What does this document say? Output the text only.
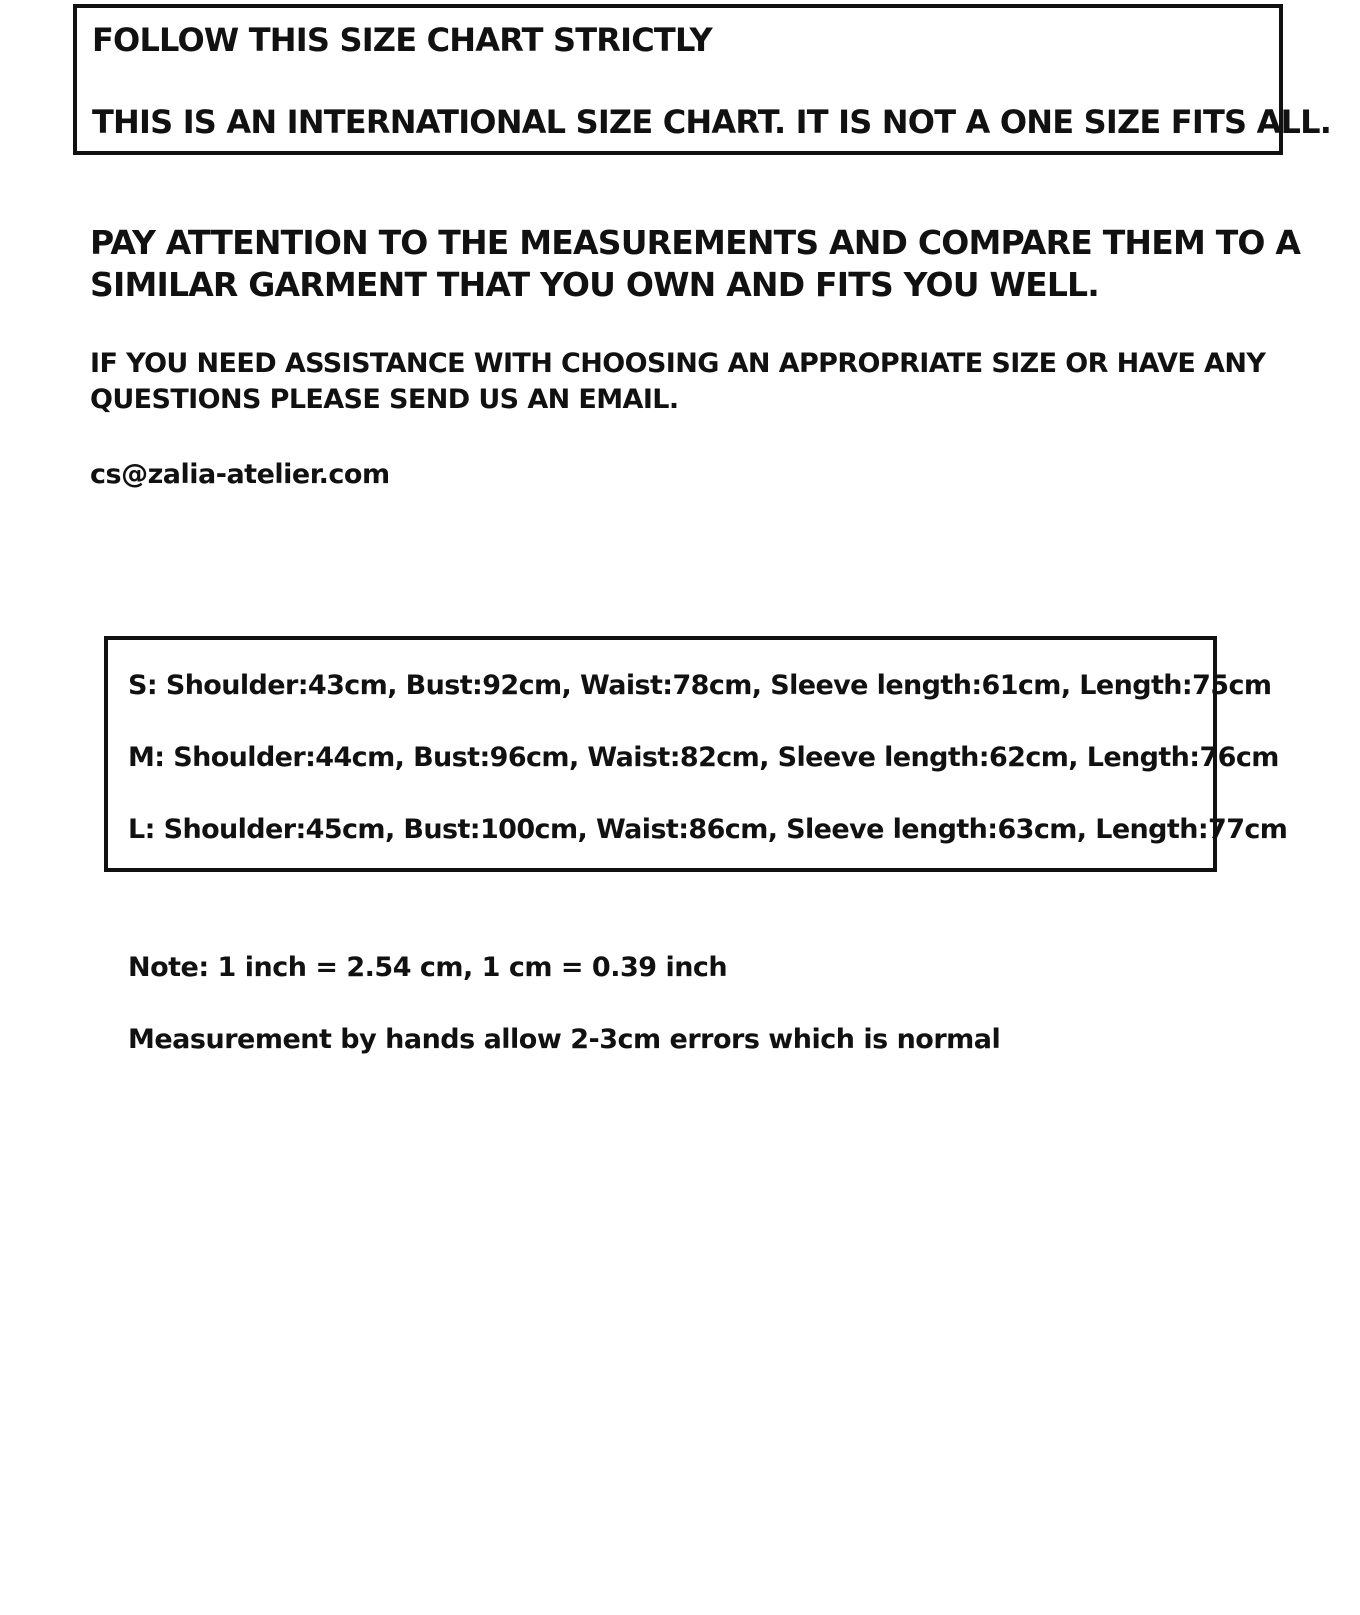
FOLLOW THIS SIZE CHART STRICTLY

THIS IS AN INTERNATIONAL SIZE CHART. IT IS NOT A ONE SIZE FITS ALL.

PAY ATTENTION TO THE MEASUREMENTS AND COMPARE THEM TO A SIMILAR GARMENT THAT YOU OWN AND FITS YOU WELL.

IF YOU NEED ASSISTANCE WITH CHOOSING AN APPROPRIATE SIZE OR HAVE ANY QUESTIONS PLEASE SEND US AN EMAIL.

cs@zalia-atelier.com

S: Shoulder:43cm, Bust:92cm, Waist:78cm, Sleeve length:61cm, Length:75cm

M: Shoulder:44cm, Bust:96cm, Waist:82cm, Sleeve length:62cm, Length:76cm

L: Shoulder:45cm, Bust:100cm, Waist:86cm, Sleeve length:63cm, Length:77cm

Note: 1 inch = 2.54 cm, 1 cm = 0.39 inch

Measurement by hands allow 2-3cm errors which is normal
